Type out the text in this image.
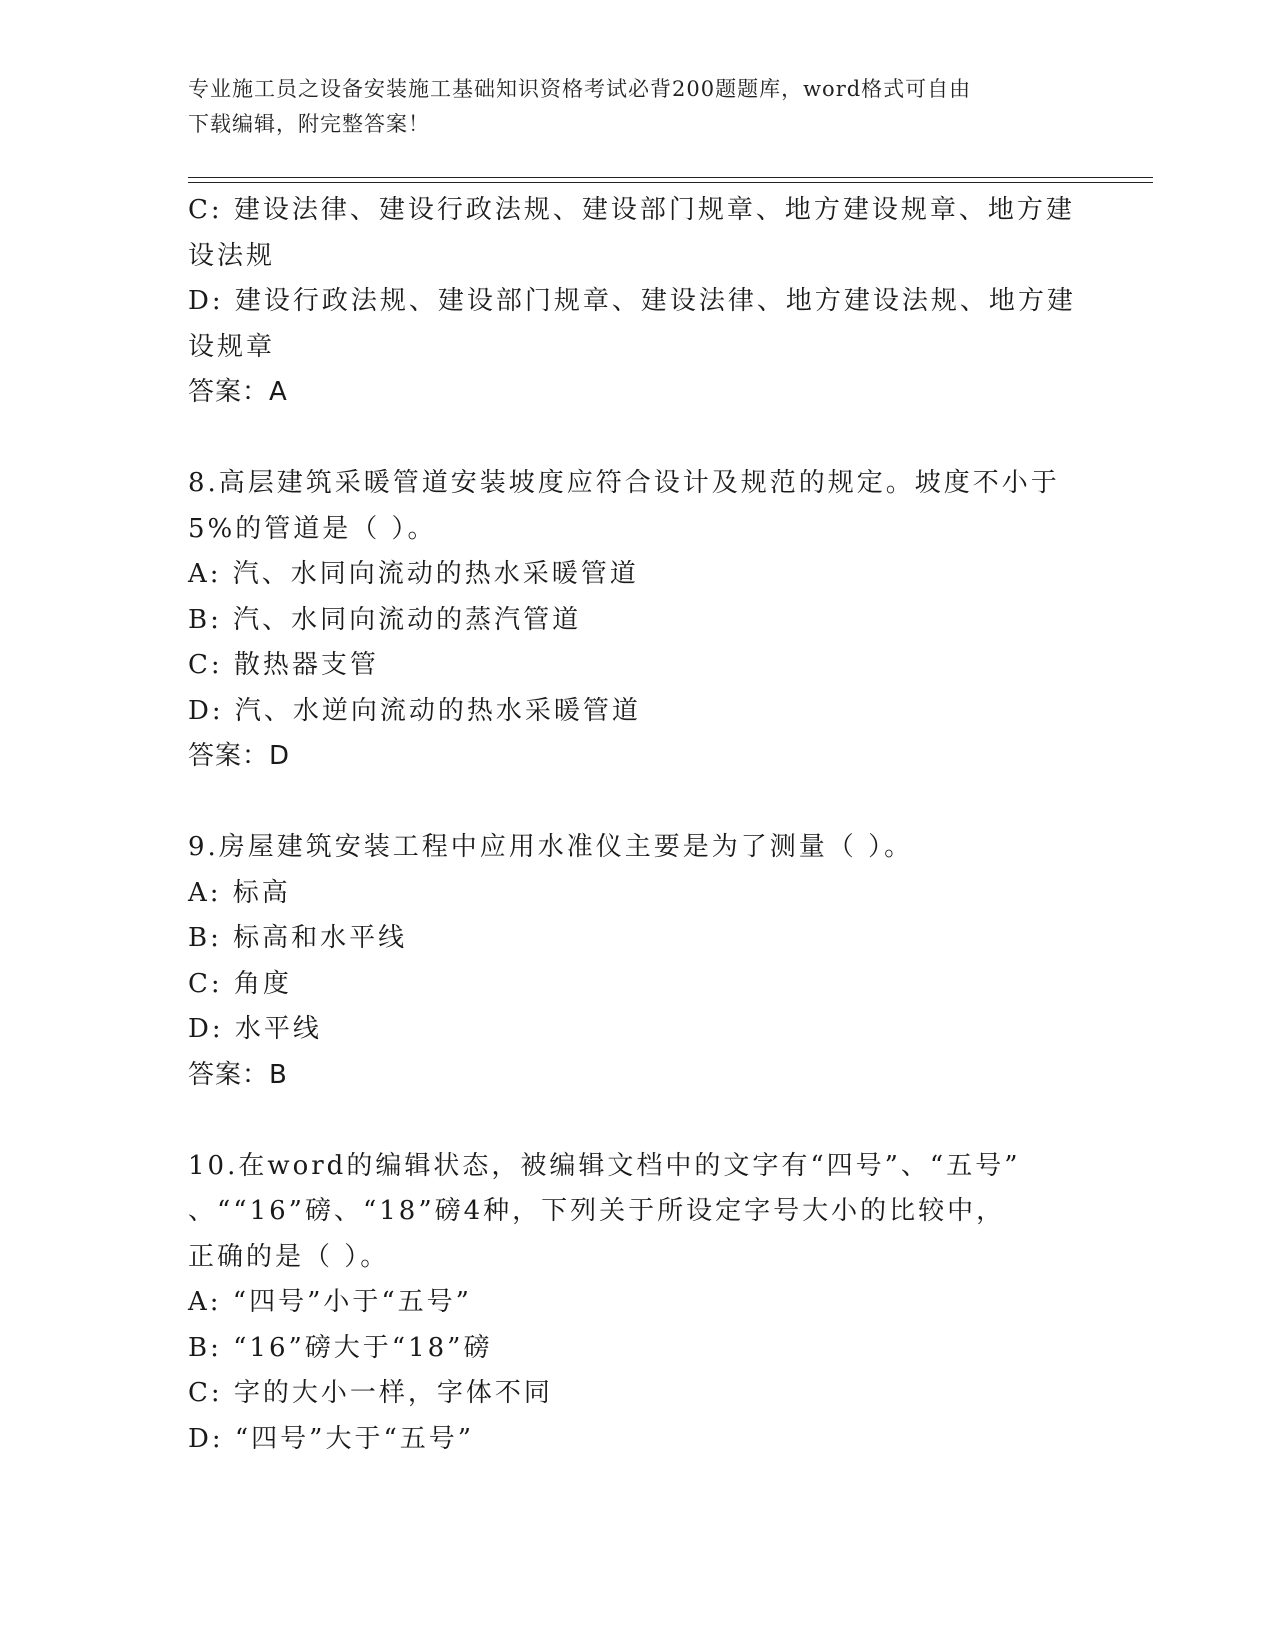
专业施工员之设备安装施工基础知识资格考试必背200题题库，word格式可自由
下载编辑，附完整答案！
C: 建设法律、建设行政法规、建设部门规章、地方建设规章、地方建
设法规
D: 建设行政法规、建设部门规章、建设法律、地方建设法规、地方建
设规章
答案：A
8.高层建筑采暖管道安装坡度应符合设计及规范的规定。坡度不小于
5%的管道是（ ）。
A: 汽、水同向流动的热水采暖管道
B: 汽、水同向流动的蒸汽管道
C: 散热器支管
D: 汽、水逆向流动的热水采暖管道
答案：D
9.房屋建筑安装工程中应用水准仪主要是为了测量（ ）。
A: 标高
B: 标高和水平线
C: 角度
D: 水平线
答案：B
10.在word的编辑状态，被编辑文档中的文字有“四号”、“五号”
、““16”磅、“18”磅4种，下列关于所设定字号大小的比较中，
正确的是（ ）。
A: “四号”小于“五号”
B: “16”磅大于“18”磅
C: 字的大小一样，字体不同
D: “四号”大于“五号”
